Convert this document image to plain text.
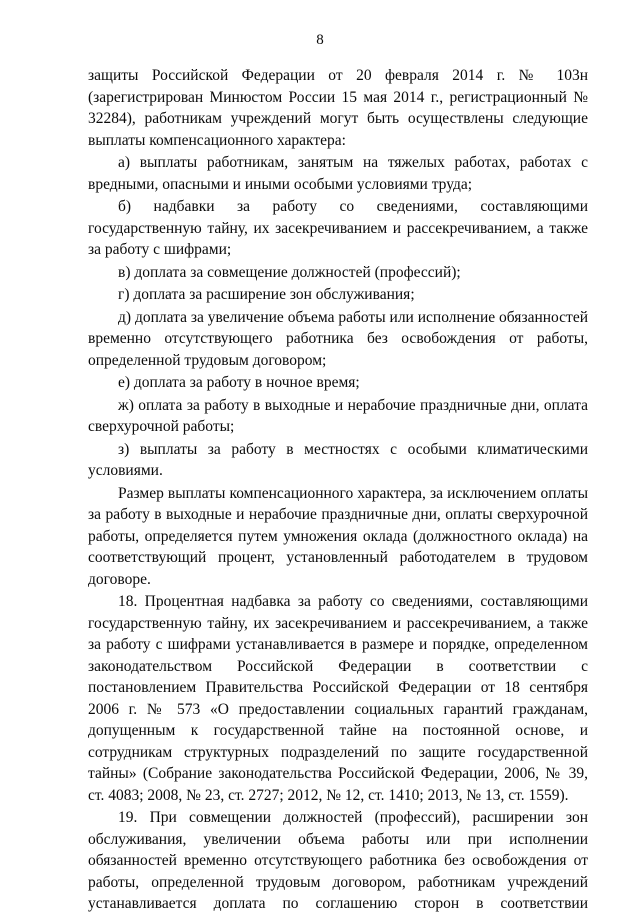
8

защиты Российской Федерации от 20 февраля 2014 г. № 103н (зарегистрирован Минюстом России 15 мая 2014 г., регистрационный № 32284), работникам учреждений могут быть осуществлены следующие выплаты компенсационного характера:

а) выплаты работникам, занятым на тяжелых работах, работах с вредными, опасными и иными особыми условиями труда;

б) надбавки за работу со сведениями, составляющими государственную тайну, их засекречиванием и рассекречиванием, а также за работу с шифрами;

в) доплата за совмещение должностей (профессий);

г) доплата за расширение зон обслуживания;

д) доплата за увеличение объема работы или исполнение обязанностей временно отсутствующего работника без освобождения от работы, определенной трудовым договором;

е) доплата за работу в ночное время;

ж) оплата за работу в выходные и нерабочие праздничные дни, оплата сверхурочной работы;

з) выплаты за работу в местностях с особыми климатическими условиями.

Размер выплаты компенсационного характера, за исключением оплаты за работу в выходные и нерабочие праздничные дни, оплаты сверхурочной работы, определяется путем умножения оклада (должностного оклада) на соответствующий процент, установленный работодателем в трудовом договоре.

18. Процентная надбавка за работу со сведениями, составляющими государственную тайну, их засекречиванием и рассекречиванием, а также за работу с шифрами устанавливается в размере и порядке, определенном законодательством Российской Федерации в соответствии с постановлением Правительства Российской Федерации от 18 сентября 2006 г. № 573 «О предоставлении социальных гарантий гражданам, допущенным к государственной тайне на постоянной основе, и сотрудникам структурных подразделений по защите государственной тайны» (Собрание законодательства Российской Федерации, 2006, № 39, ст. 4083; 2008, № 23, ст. 2727; 2012, № 12, ст. 1410; 2013, № 13, ст. 1559).

19. При совмещении должностей (профессий), расширении зон обслуживания, увеличении объема работы или при исполнении обязанностей временно отсутствующего работника без освобождения от работы, определенной трудовым договором, работникам учреждений устанавливается доплата по соглашению сторон в соответствии
